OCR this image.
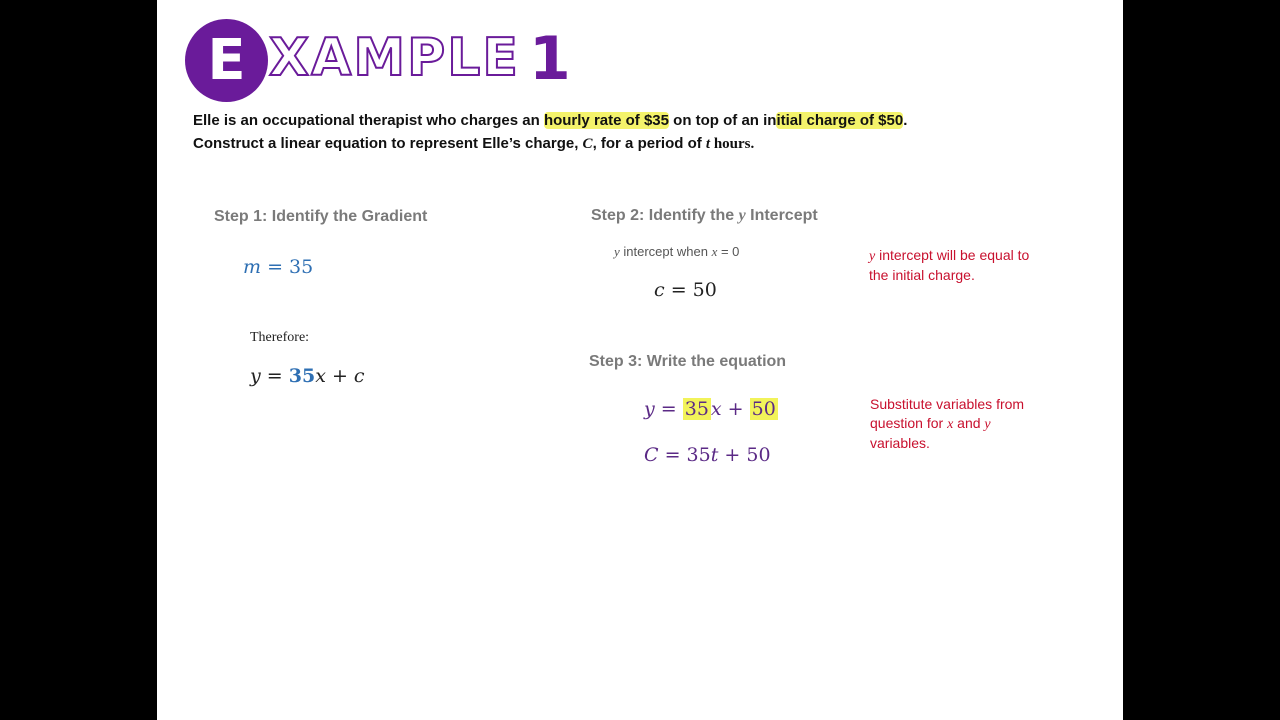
E XAMPLE 1
Elle is an occupational therapist who charges an hourly rate of $35 on top of an initial charge of $50.
Construct a linear equation to represent Elle’s charge, C, for a period of t hours.
Step 1: Identify the Gradient
m = 35
Therefore:
y = 35x + c
Step 2: Identify the y Intercept
y intercept when x = 0
c = 50
y intercept will be equal to
the initial charge.
Step 3: Write the equation
y = 35 x + 50
C = 35t + 50
Substitute variables from
question for x and y
variables.
